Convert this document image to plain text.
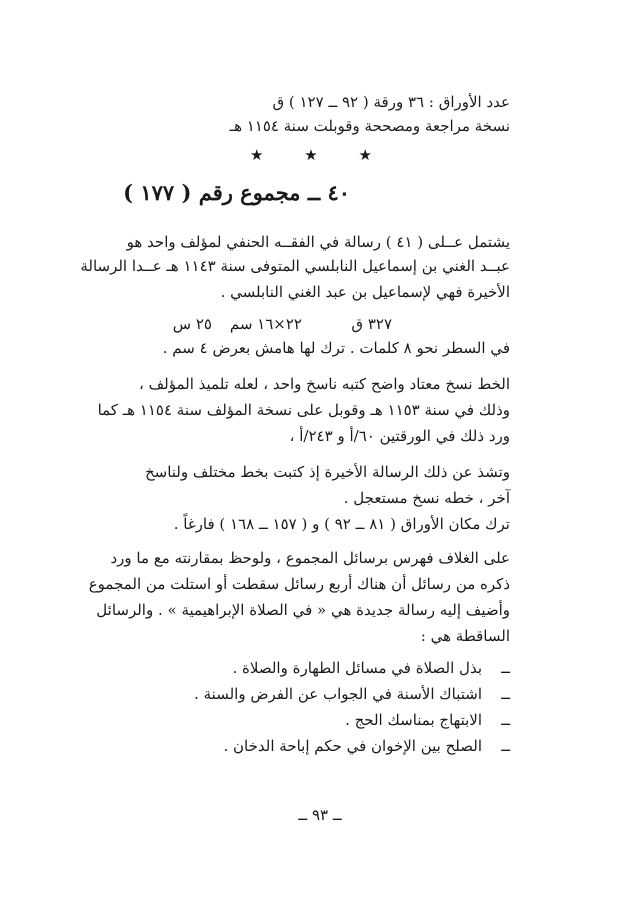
عدد الأوراق : ٣٦ ورقة ( ٩٢ ــ ١٢٧ ) ق
نسخة مراجعة ومصححة وقوبلت سنة ١١٥٤ هـ
★ ★ ★
٤٠ ــ مجموع رقم ( ١٧٧ )
يشتمل عــلى ( ٤١ ) رسالة في الفقــه الحنفي لمؤلف واحد هو
عبــد الغني بن إسماعيل النابلسي المتوفى سنة ١١٤٣ هـ عــدا الرسالة
الأخيرة فهي لإسماعيل بن عبد الغني النابلسي .
٣٢٧ ق
٢٢×١٦ سم
٢٥ س
في السطر نحو ٨ كلمات . ترك لها هامش بعرض ٤ سم .
الخط نسخ معتاد واضح كتبه ناسخ واحد ، لعله تلميذ المؤلف ،
وذلك في سنة ١١٥٣ هـ وقوبل على نسخة المؤلف سنة ١١٥٤ هـ كما
ورد ذلك في الورقتين ٦٠/أ و ٢٤٣/أ ،
وتشذ عن ذلك الرسالة الأخيرة إذ كتبت بخط مختلف ولناسخ
آخر ، خطه نسخ مستعجل .
ترك مكان الأوراق ( ٨١ ــ ٩٢ ) و ( ١٥٧ ــ ١٦٨ ) فارغاً .
على الغلاف فهرس برسائل المجموع ، ولوحظ بمقارنته مع ما ورد
ذكره من رسائل أن هناك أربع رسائل سقطت أو استلت من المجموع
وأضيف إليه رسالة جديدة هي « في الصلاة الإبراهيمية » . والرسائل
الساقطة هي :
ــ
بذل الصلاة في مسائل الطهارة والصلاة .
ــ
اشتباك الأسنة في الجواب عن الفرض والسنة .
ــ
الابتهاج بمناسك الحج .
ــ
الصلح بين الإخوان في حكم إباحة الدخان .
ــ ٩٣ ــ
